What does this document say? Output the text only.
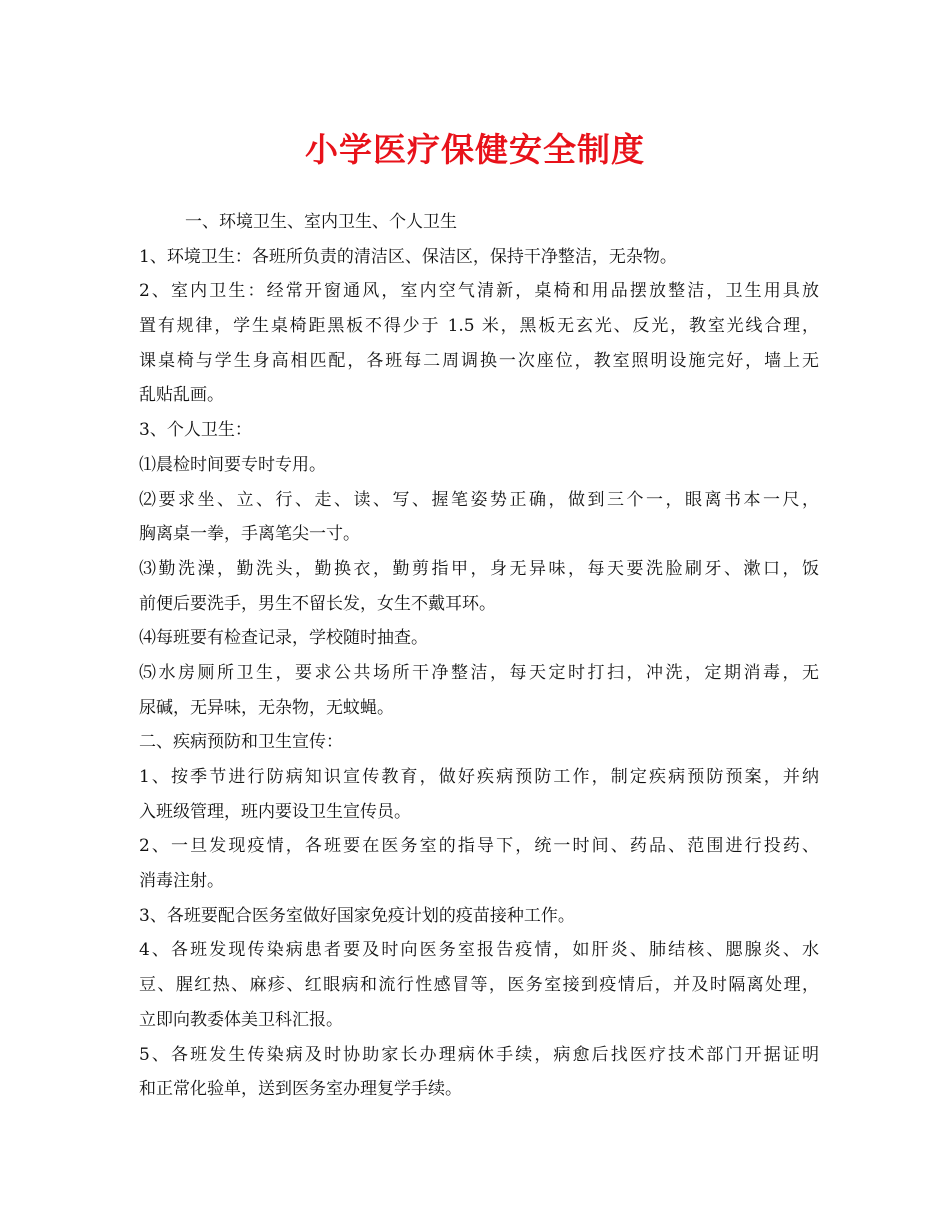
小学医疗保健安全制度
一、环境卫生、室内卫生、个人卫生
1、环境卫生：各班所负责的清洁区、保洁区，保持干净整洁，无杂物。
2、室内卫生：经常开窗通风，室内空气清新，桌椅和用品摆放整洁，卫生用具放
置有规律，学生桌椅距黑板不得少于 1.5 米，黑板无玄光、反光，教室光线合理，
课桌椅与学生身高相匹配，各班每二周调换一次座位，教室照明设施完好，墙上无
乱贴乱画。
3、个人卫生：
⑴晨检时间要专时专用。
⑵要求坐、立、行、走、读、写、握笔姿势正确，做到三个一，眼离书本一尺，
胸离桌一拳，手离笔尖一寸。
⑶勤洗澡，勤洗头，勤换衣，勤剪指甲，身无异味，每天要洗脸刷牙、漱口，饭
前便后要洗手，男生不留长发，女生不戴耳环。
⑷每班要有检查记录，学校随时抽查。
⑸水房厕所卫生，要求公共场所干净整洁，每天定时打扫，冲洗，定期消毒，无
尿碱，无异味，无杂物，无蚊蝇。
二、疾病预防和卫生宣传：
1、按季节进行防病知识宣传教育，做好疾病预防工作，制定疾病预防预案，并纳
入班级管理，班内要设卫生宣传员。
2、一旦发现疫情，各班要在医务室的指导下，统一时间、药品、范围进行投药、
消毒注射。
3、各班要配合医务室做好国家免疫计划的疫苗接种工作。
4、各班发现传染病患者要及时向医务室报告疫情，如肝炎、肺结核、腮腺炎、水
豆、腥红热、麻疹、红眼病和流行性感冒等，医务室接到疫情后，并及时隔离处理，
立即向教委体美卫科汇报。
5、各班发生传染病及时协助家长办理病休手续，病愈后找医疗技术部门开据证明
和正常化验单，送到医务室办理复学手续。
